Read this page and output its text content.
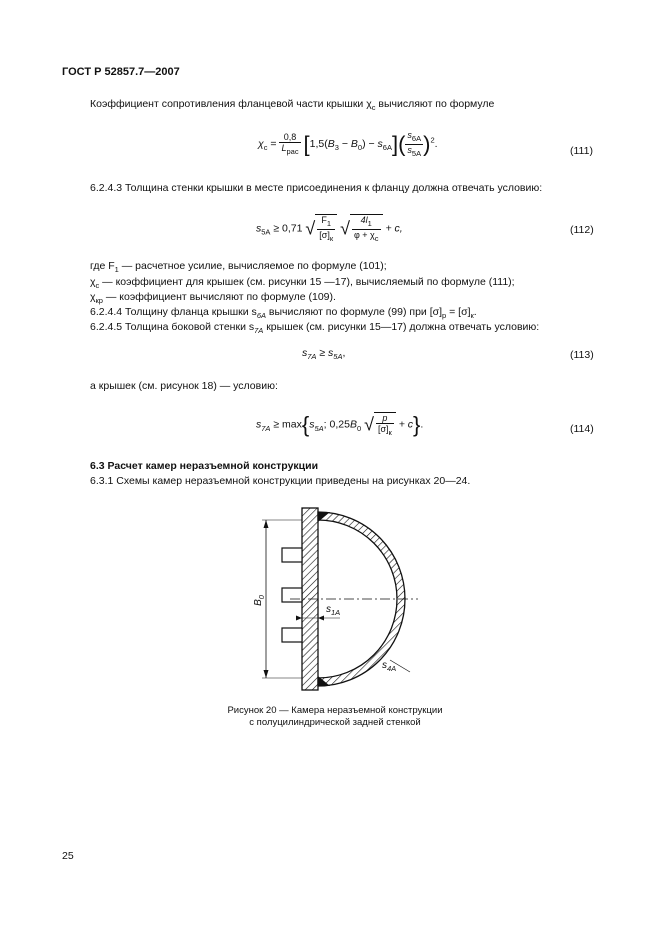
ГОСТ Р 52857.7—2007
Коэффициент сопротивления фланцевой части крышки $\chi_с$ вычисляют по формуле
$\chi_с = \frac{0,8}{L_{рас}} [1,5(B_3 - B_0) - s_{6A}]( \frac{s_{6A}}{s_{5A}} )^2$.
(111)
6.2.4.3 Толщина стенки крышки в месте присоединения к фланцу должна отвечать условию:
$s_{5A} \ge 0,71$ √ $\frac{F_1}{[\sigma]_к}$ √ $\frac{4l_1}{\varphi + \chi_с} + c$,	(112)
где $F_1$ — расчетное усилие, вычисляемое по формуле (101);
$\chi_с$ — коэффициент для крышек (см. рисунки 15 —17), вычисляемый по формуле (111);
$\chi_{кр}$ — коэффициент вычисляют по формуле (109).
6.2.4.4 Толщину фланца крышки $s_{6A}$ вычисляют по формуле (99) при $[\sigma]_р = [\sigma]_к$.
6.2.4.5 Толщина боковой стенки $s_{7A}$ крышек (см. рисунки 15—17) должна отвечать условию:
$s_{7A} \ge s_{5A}$,	(113)
а крышек (см. рисунок 18) — условию:
$s_{7A} \ge \max\{s_{5A}$; $0,25B_0$ √ $\frac{p}{[\sigma]_к} + c$}.	(114)
6.3 Расчет камер неразъемной конструкции
6.3.1 Схемы камер неразъемной конструкции приведены на рисунках 20—24.
$B_0$
$s_{1A}$
$s_{4A}$
Рисунок 20 — Камера неразъемной конструкции
с полуцилиндрической задней стенкой
25
